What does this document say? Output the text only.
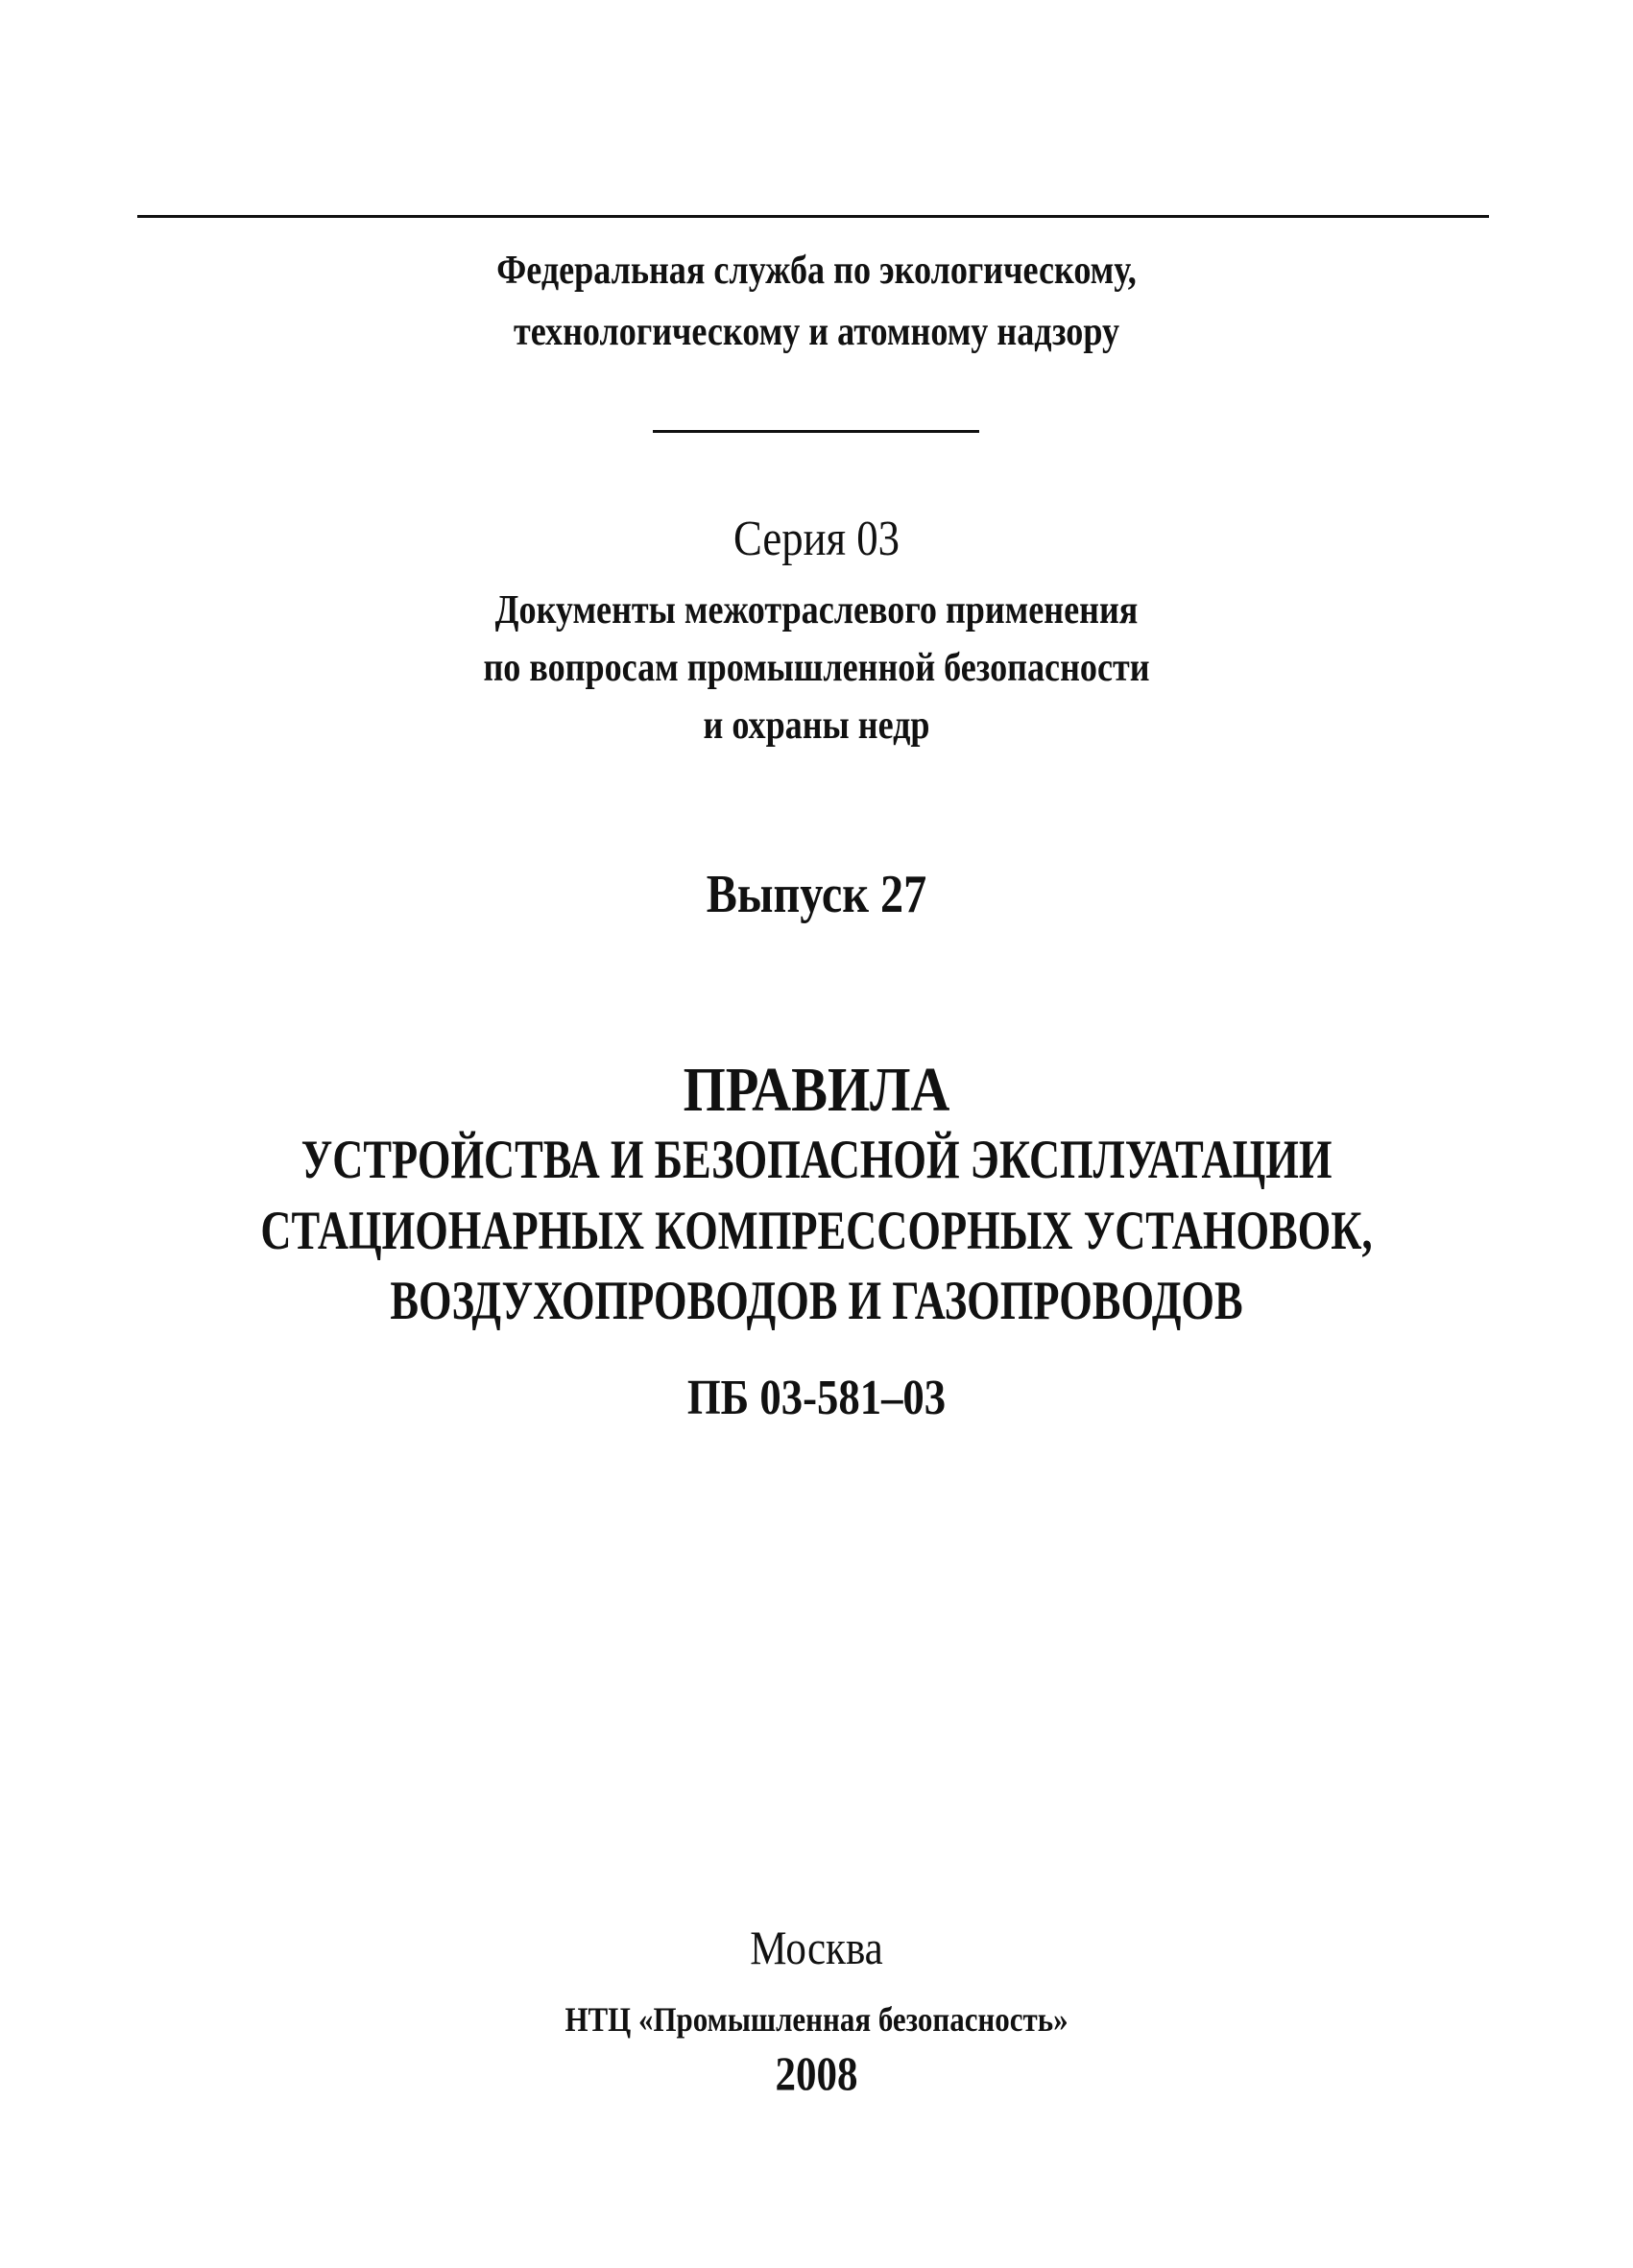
Федеральная служба по экологическому,
технологическому и атомному надзору
Серия 03
Документы межотраслевого применения
по вопросам промышленной безопасности
и охраны недр
Выпуск 27
ПРАВИЛА
УСТРОЙСТВА И БЕЗОПАСНОЙ ЭКСПЛУАТАЦИИ
СТАЦИОНАРНЫХ КОМПРЕССОРНЫХ УСТАНОВОК,
ВОЗДУХОПРОВОДОВ И ГАЗОПРОВОДОВ
ПБ 03-581–03
Москва
НТЦ «Промышленная безопасность»
2008
